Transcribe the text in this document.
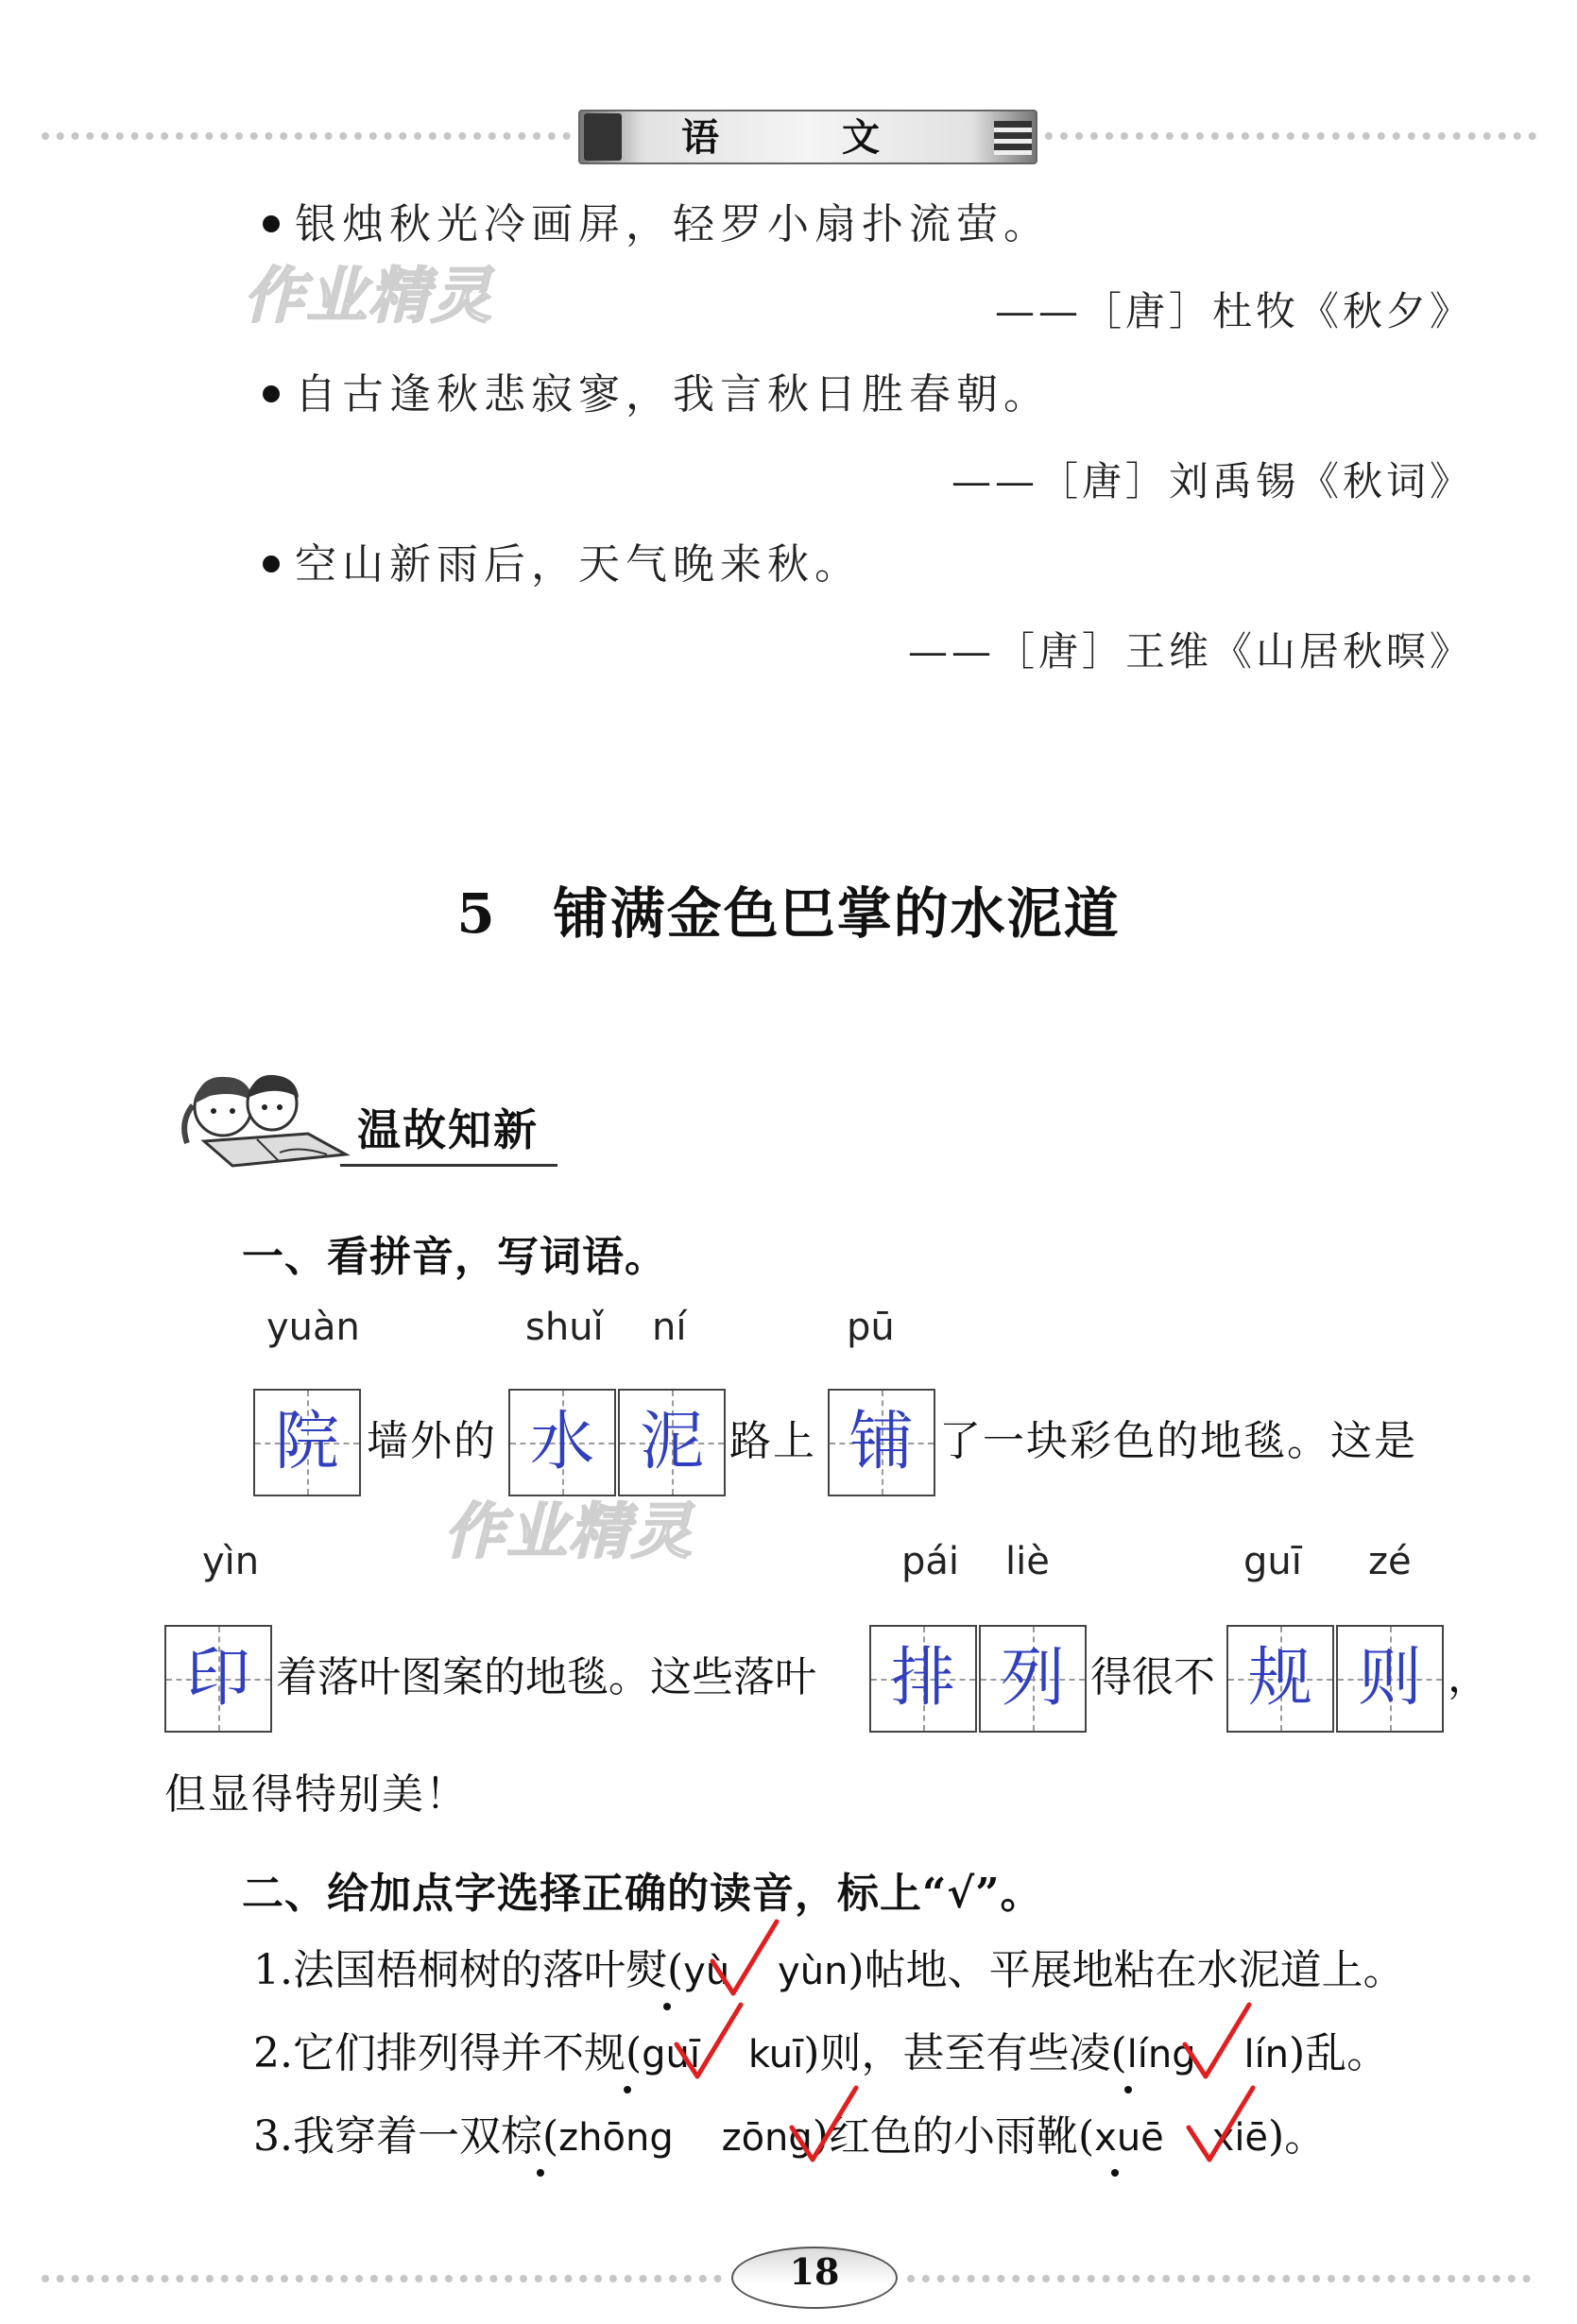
语 文
银烛秋光冷画屏，轻罗小扇扑流萤。
——［唐］杜牧《秋夕》
自古逢秋悲寂寥，我言秋日胜春朝。
——［唐］刘禹锡《秋词》
空山新雨后，天气晚来秋。
——［唐］王维《山居秋暝》
作业精灵
作业精灵
5 铺满金色巴掌的水泥道
温故知新
一、看拼音，写词语。
yuàn	shuǐ ní	pū
院 墙外的 水 泥 路上 铺 了一块彩色的地毯。这是
yìn	pái liè	guī zé
印 着落叶图案的地毯。这些落叶	排 列 得很不 规 则 ，
但显得特别美！
二、给加点字选择正确的读音，标上“√”。
1.法国梧桐树的落叶熨(yù yùn)帖地、平展地粘在水泥道上。
2.它们排列得并不规(guī kuī)则，甚至有些凌(líng lín)乱。
3.我穿着一双棕(zhōng zōng)红色的小雨靴(xuē xiē)。
18
